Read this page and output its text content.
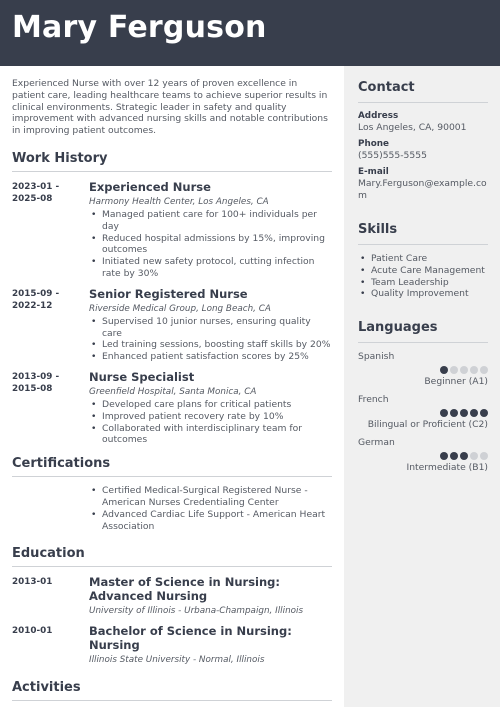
Mary Ferguson

Experienced Nurse with over 12 years of proven excellence in patient care, leading healthcare teams to achieve superior results in clinical environments. Strategic leader in safety and quality improvement with advanced nursing skills and notable contributions in improving patient outcomes.

Work History
2023-01 -
2025-08
Experienced Nurse
Harmony Health Center, Los Angeles, CA
• Managed patient care for 100+ individuals per day
• Reduced hospital admissions by 15%, improving outcomes
• Initiated new safety protocol, cutting infection rate by 30%
2015-09 -
2022-12
Senior Registered Nurse
Riverside Medical Group, Long Beach, CA
• Supervised 10 junior nurses, ensuring quality care
• Led training sessions, boosting staff skills by 20%
• Enhanced patient satisfaction scores by 25%
2013-09 -
2015-08
Nurse Specialist
Greenfield Hospital, Santa Monica, CA
• Developed care plans for critical patients
• Improved patient recovery rate by 10%
• Collaborated with interdisciplinary team for outcomes
Certifications
• Certified Medical-Surgical Registered Nurse - American Nurses Credentialing Center
• Advanced Cardiac Life Support - American Heart Association
Education
2013-01	Master of Science in Nursing: Advanced Nursing
University of Illinois - Urbana-Champaign, Illinois
2010-01	Bachelor of Science in Nursing: Nursing
Illinois State University - Normal, Illinois
Activities
Contact
Address
Los Angeles, CA, 90001
Phone
(555)555-5555
E-mail
Mary.Ferguson@example.com
Skills
• Patient Care
• Acute Care Management
• Team Leadership
• Quality Improvement
Languages
Spanish
Beginner (A1)
French
Bilingual or Proficient (C2)
German
Intermediate (B1)
